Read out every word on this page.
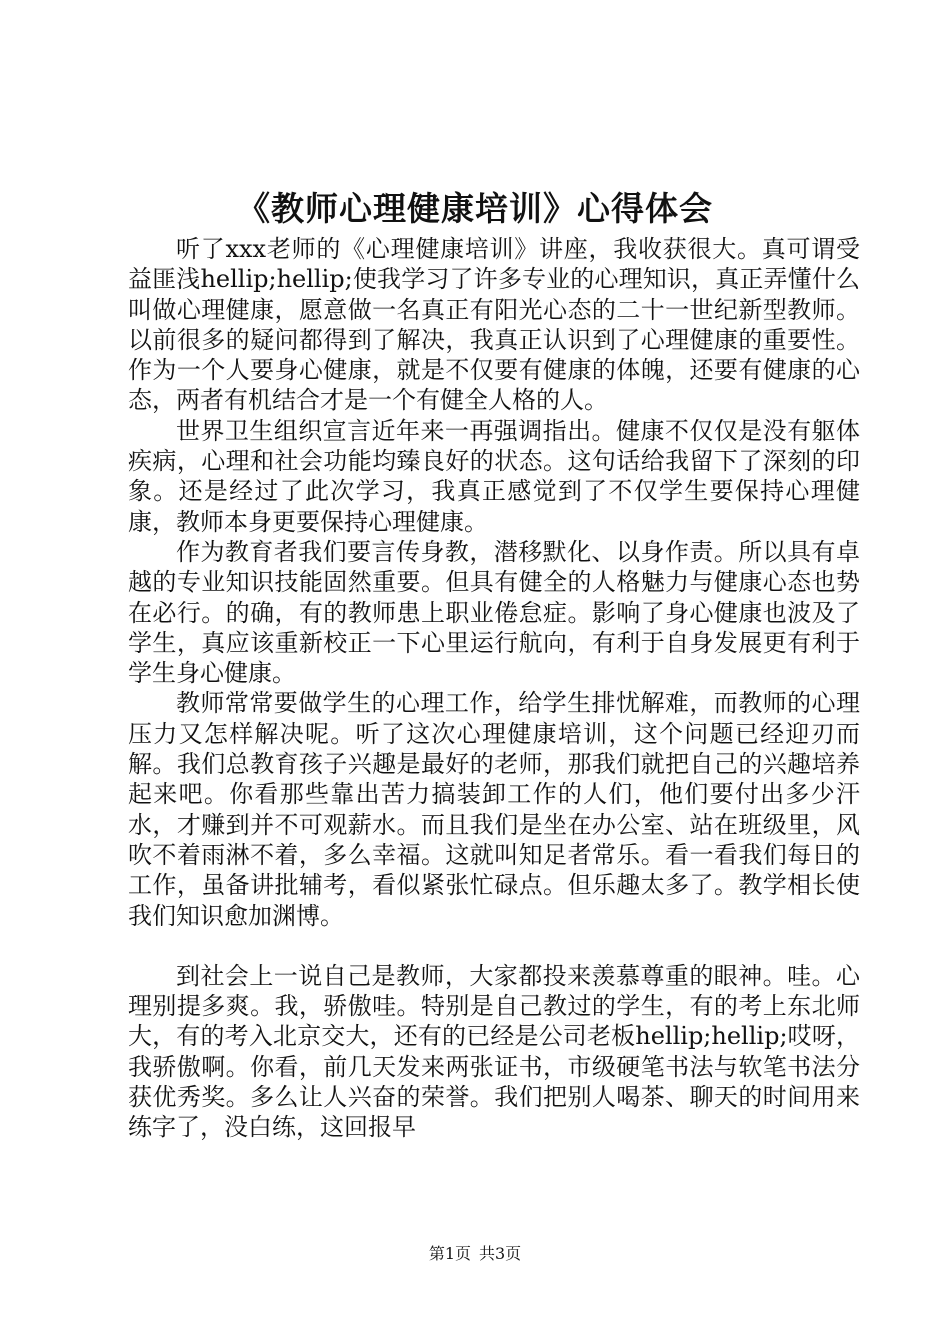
《教师心理健康培训》心得体会

听了xxx老师的《心理健康培训》讲座，我收获很大。真可谓受益匪浅hellip;hellip;使我学习了许多专业的心理知识，真正弄懂什么叫做心理健康，愿意做一名真正有阳光心态的二十一世纪新型教师。以前很多的疑问都得到了解决，我真正认识到了心理健康的重要性。作为一个人要身心健康，就是不仅要有健康的体魄，还要有健康的心态，两者有机结合才是一个有健全人格的人。

世界卫生组织宣言近年来一再强调指出。健康不仅仅是没有躯体疾病，心理和社会功能均臻良好的状态。这句话给我留下了深刻的印象。还是经过了此次学习，我真正感觉到了不仅学生要保持心理健康，教师本身更要保持心理健康。

作为教育者我们要言传身教，潜移默化、以身作责。所以具有卓越的专业知识技能固然重要。但具有健全的人格魅力与健康心态也势在必行。的确，有的教师患上职业倦怠症。影响了身心健康也波及了学生，真应该重新校正一下心里运行航向，有利于自身发展更有利于学生身心健康。

教师常常要做学生的心理工作，给学生排忧解难，而教师的心理压力又怎样解决呢。听了这次心理健康培训，这个问题已经迎刃而解。我们总教育孩子兴趣是最好的老师，那我们就把自己的兴趣培养起来吧。你看那些靠出苦力搞装卸工作的人们，他们要付出多少汗水，才赚到并不可观薪水。而且我们是坐在办公室、站在班级里，风吹不着雨淋不着，多么幸福。这就叫知足者常乐。看一看我们每日的工作，虽备讲批辅考，看似紧张忙碌点。但乐趣太多了。教学相长使我们知识愈加渊博。

到社会上一说自己是教师，大家都投来羡慕尊重的眼神。哇。心理别提多爽。我，骄傲哇。特别是自己教过的学生，有的考上东北师大，有的考入北京交大，还有的已经是公司老板hellip;hellip;哎呀，我骄傲啊。你看，前几天发来两张证书，市级硬笔书法与软笔书法分获优秀奖。多么让人兴奋的荣誉。我们把别人喝茶、聊天的时间用来练字了，没白练，这回报早

第1页 共3页
